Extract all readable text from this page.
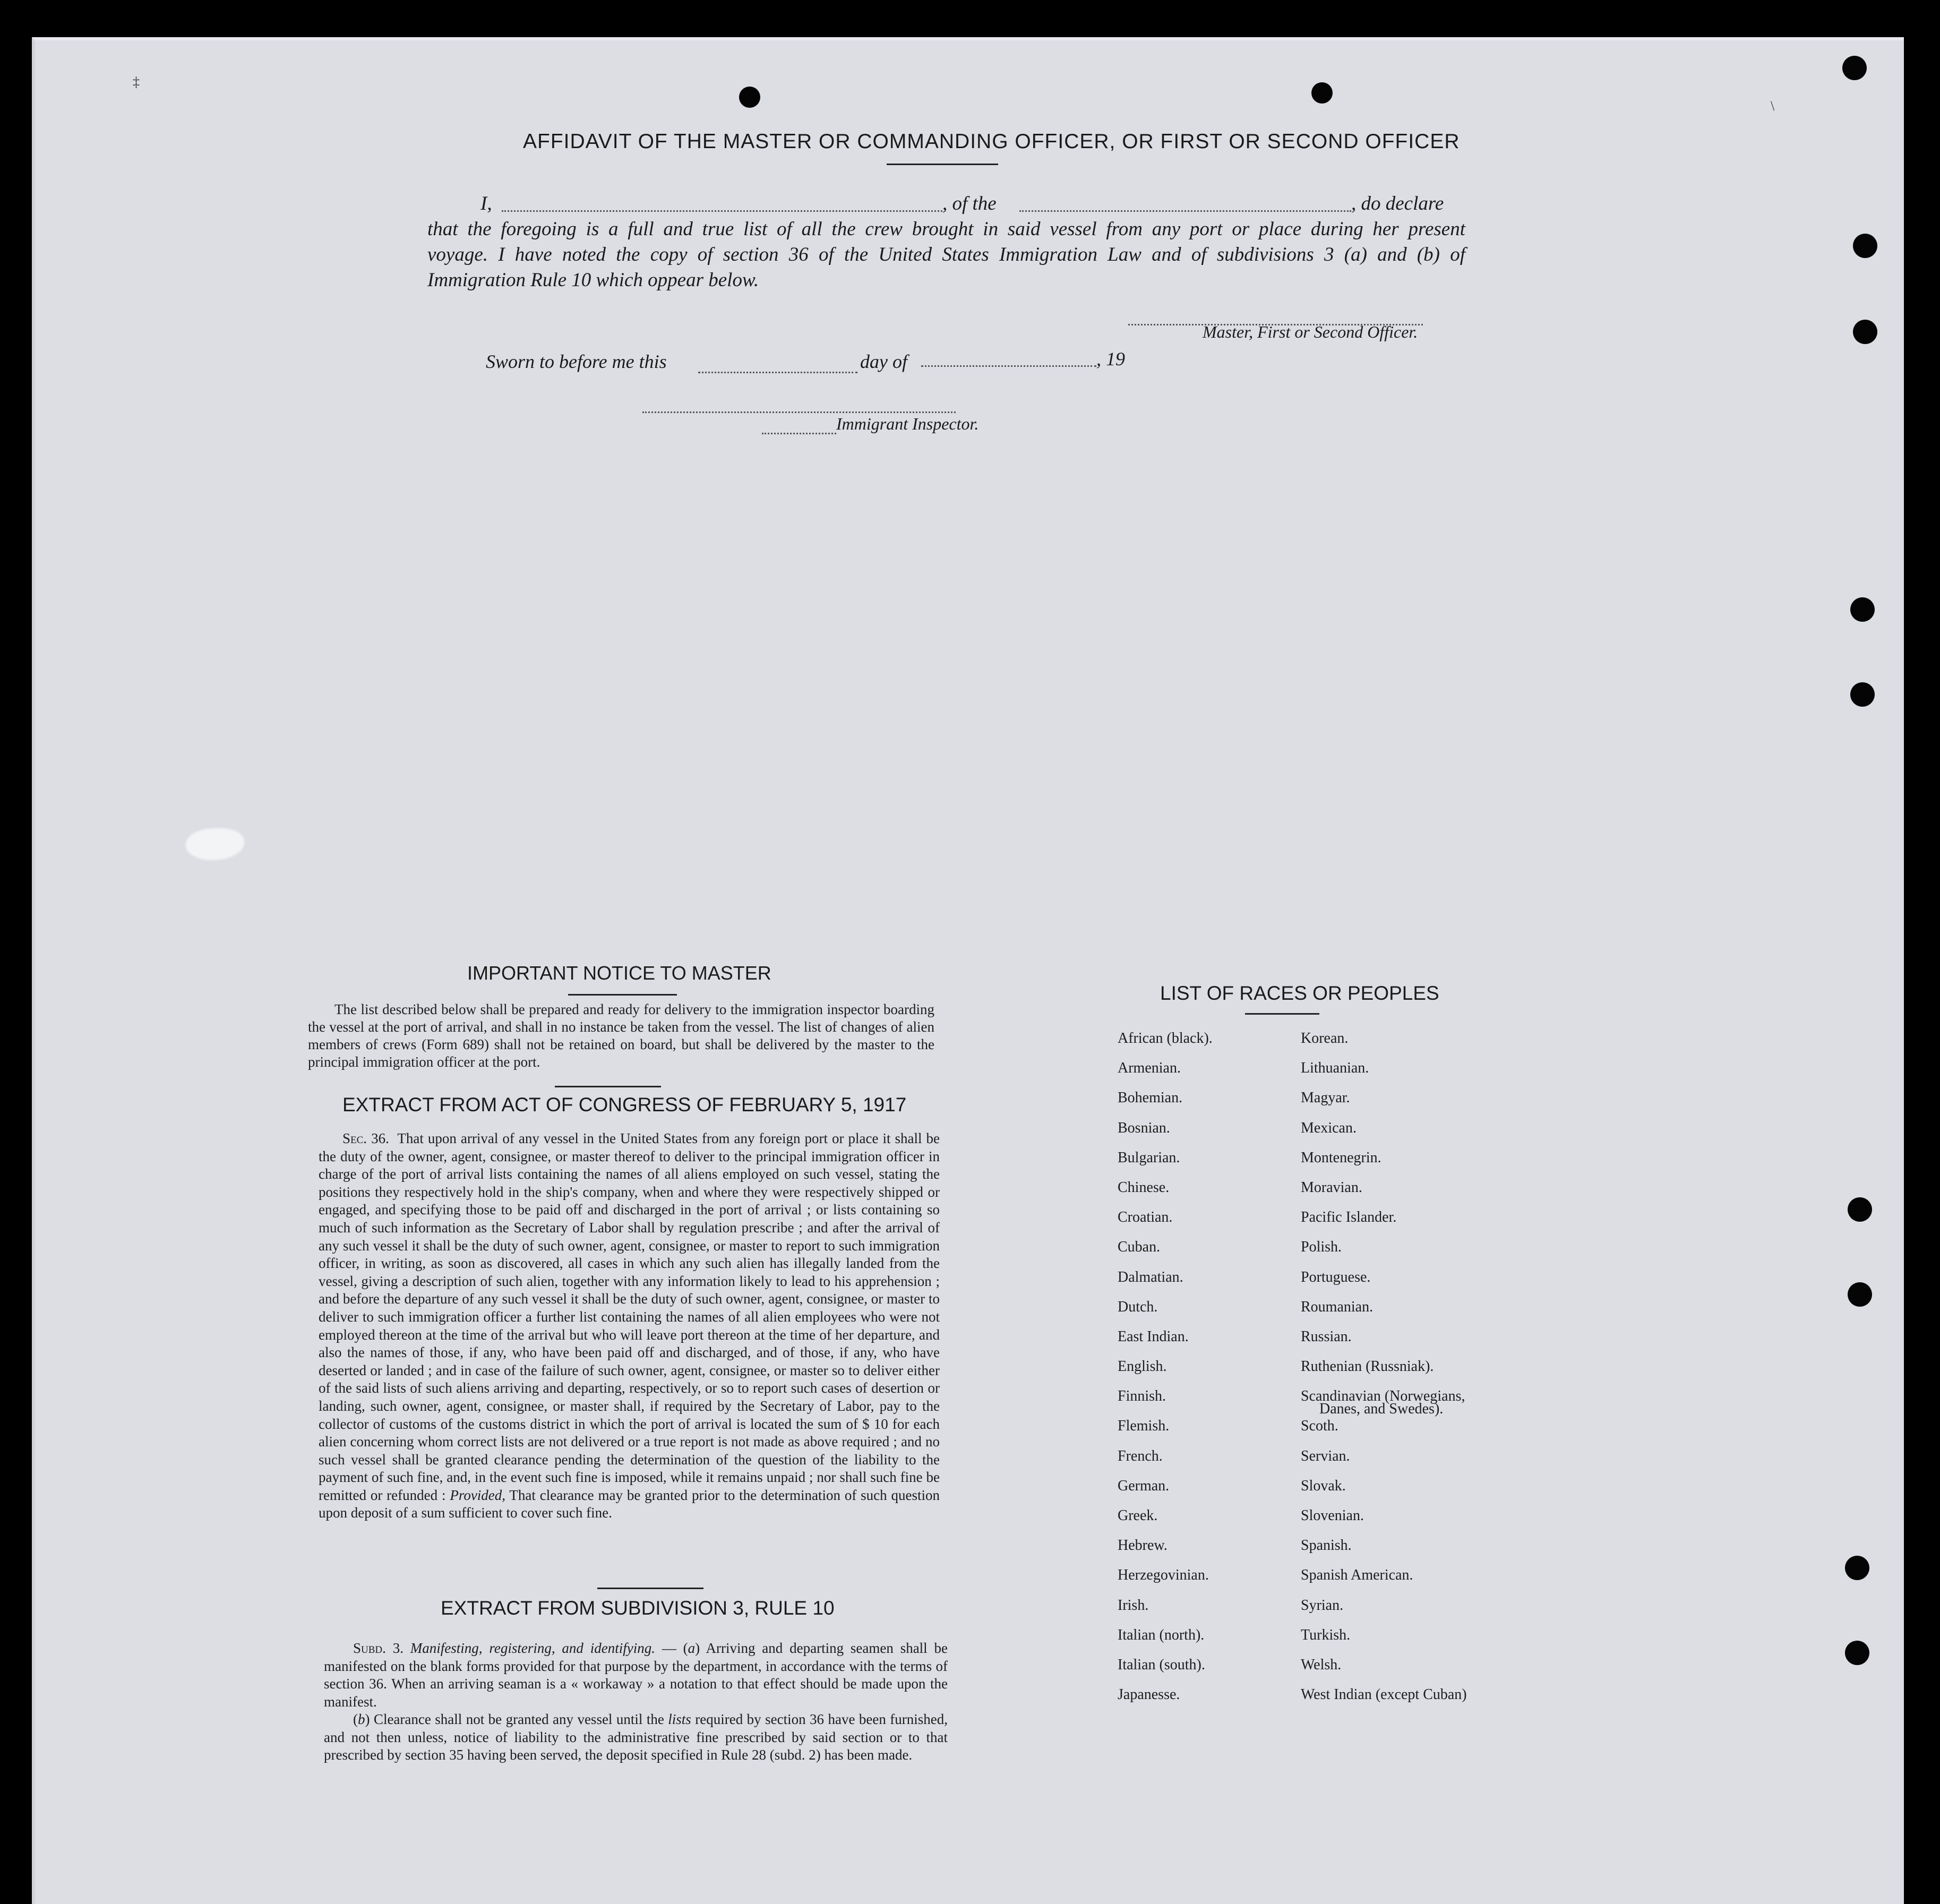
‡
\
AFFIDAVIT OF THE MASTER OR COMMANDING OFFICER, OR FIRST OR SECOND OFFICER
I,	, of the	, do declare

that the foregoing is a full and true list of all the crew brought in said vessel from any port or place during her present

voyage. I have noted the copy of section 36 of the United States Immigration Law and of subdivisions 3 (a) and (b) of

Immigration Rule 10 which oppear below.

Master, First or Second Officer.
Sworn to before me this	day of	, 19
Immigrant Inspector.
IMPORTANT NOTICE TO MASTER

The list described below shall be prepared and ready for delivery to the immigration inspector boarding the vessel at the port of arrival, and shall in no instance be taken from the vessel. The list of changes of alien members of crews (Form 689) shall not be retained on board, but shall be delivered by the master to the principal immigration officer at the port.

EXTRACT FROM ACT OF CONGRESS OF FEBRUARY 5, 1917

Sec. 36. That upon arrival of any vessel in the United States from any foreign port or place it shall be the duty of the owner, agent, consignee, or master thereof to deliver to the principal immigration officer in charge of the port of arrival lists containing the names of all aliens employed on such vessel, stating the positions they respectively hold in the ship's company, when and where they were respectively shipped or engaged, and specifying those to be paid off and discharged in the port of arrival ; or lists containing so much of such information as the Secretary of Labor shall by regulation prescribe ; and after the arrival of any such vessel it shall be the duty of such owner, agent, consignee, or master to report to such immigration officer, in writing, as soon as discovered, all cases in which any such alien has illegally landed from the vessel, giving a description of such alien, together with any information likely to lead to his apprehension ; and before the departure of any such vessel it shall be the duty of such owner, agent, consignee, or master to deliver to such immigration officer a further list containing the names of all alien employees who were not employed thereon at the time of the arrival but who will leave port thereon at the time of her departure, and also the names of those, if any, who have been paid off and discharged, and of those, if any, who have deserted or landed ; and in case of the failure of such owner, agent, consignee, or master so to deliver either of the said lists of such aliens arriving and departing, respectively, or so to report such cases of desertion or landing, such owner, agent, consignee, or master shall, if required by the Secretary of Labor, pay to the collector of customs of the customs district in which the port of arrival is located the sum of $ 10 for each alien concerning whom correct lists are not delivered or a true report is not made as above required ; and no such vessel shall be granted clearance pending the determination of the question of the liability to the payment of such fine, and, in the event such fine is imposed, while it remains unpaid ; nor shall such fine be remitted or refunded : Provided, That clearance may be granted prior to the determination of such question upon deposit of a sum sufficient to cover such fine.

EXTRACT FROM SUBDIVISION 3, RULE 10

Subd. 3. Manifesting, registering, and identifying. — (a) Arriving and departing seamen shall be manifested on the blank forms provided for that purpose by the department, in accordance with the terms of section 36. When an arriving seaman is a « workaway » a notation to that effect should be made upon the manifest.

(b) Clearance shall not be granted any vessel until the lists required by section 36 have been furnished, and not then unless, notice of liability to the administrative fine prescribed by said section or to that prescribed by section 35 having been served, the deposit specified in Rule 28 (subd. 2) has been made.

LIST OF RACES OR PEOPLES
African (black).	Korean.
Armenian.	Lithuanian.
Bohemian.	Magyar.
Bosnian.	Mexican.
Bulgarian.	Montenegrin.
Chinese.	Moravian.
Croatian.	Pacific Islander.
Cuban.	Polish.
Dalmatian.	Portuguese.
Dutch.	Roumanian.
East Indian.	Russian.
English.	Ruthenian (Russniak).
Finnish.	Scandinavian (Norwegians,
Danes, and Swedes).
Flemish.	Scoth.
French.	Servian.
German.	Slovak.
Greek.	Slovenian.
Hebrew.	Spanish.
Herzegovinian.	Spanish American.
Irish.	Syrian.
Italian (north).	Turkish.
Italian (south).	Welsh.
Japanesse.	West Indian (except Cuban)
